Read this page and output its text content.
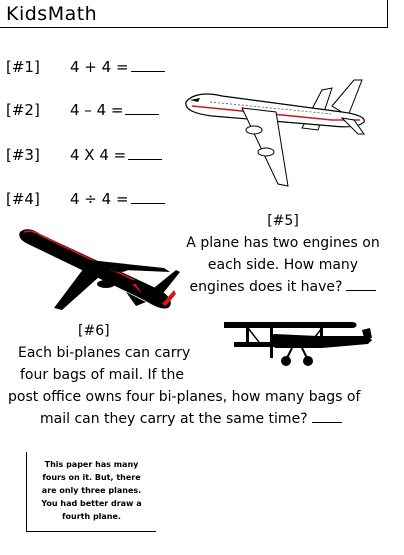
KidsMath
[#1] 4 + 4 =
[#2] 4 – 4 =
[#3] 4 X 4 =
[#4] 4 ÷ 4 =
[#5]
A plane has two engines on
each side. How many
engines does it have?
[#6]
Each bi-planes can carry
four bags of mail. If the
post office owns four bi-planes, how many bags of
mail can they carry at the same time?
This paper has many
fours on it. But, there
are only three planes.
You had better draw a
fourth plane.
